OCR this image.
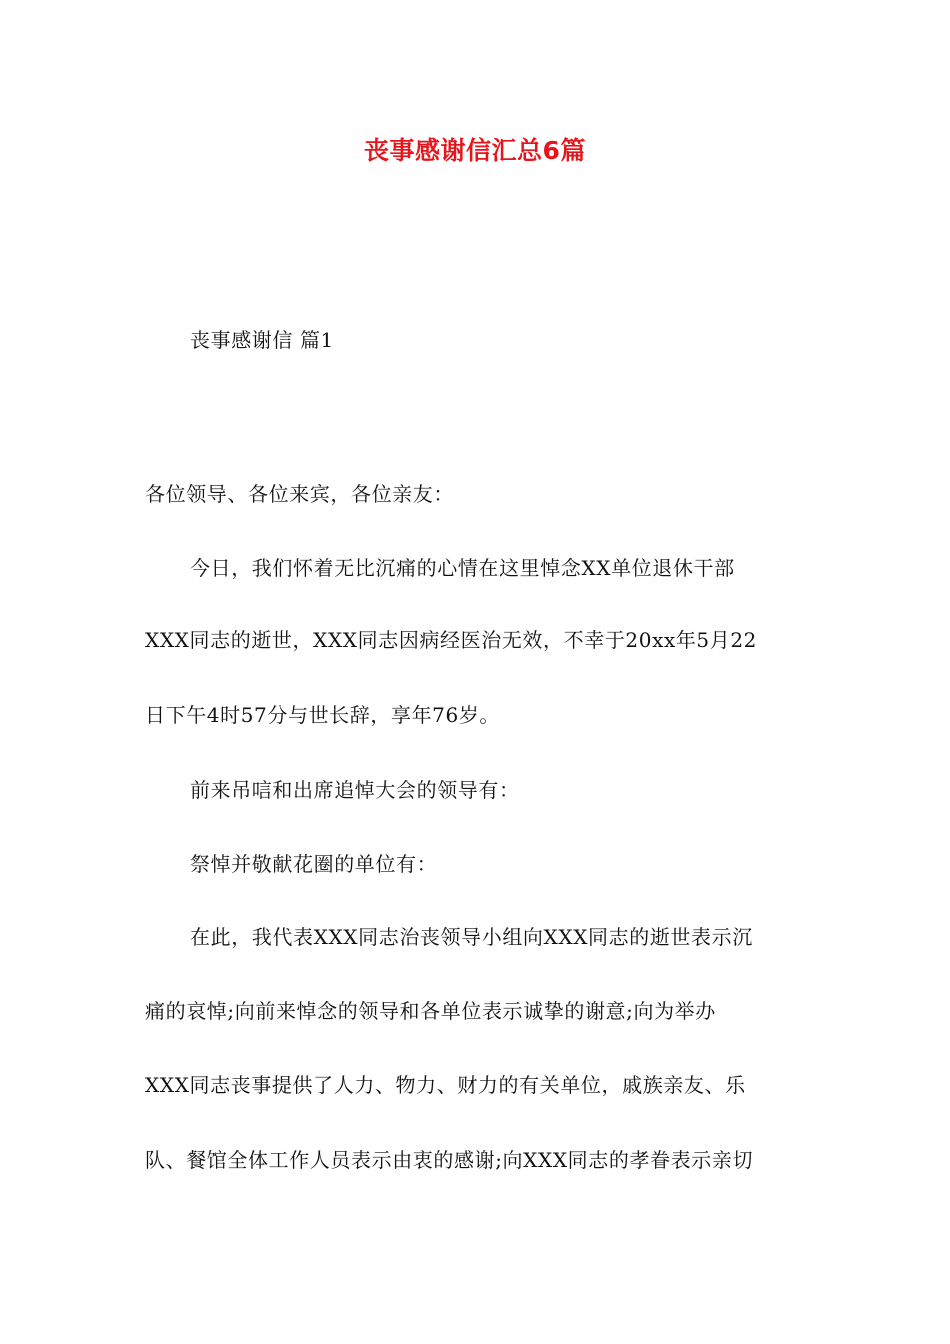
丧事感谢信汇总6篇
丧事感谢信 篇1
各位领导、各位来宾，各位亲友：
今日，我们怀着无比沉痛的心情在这里悼念XX单位退休干部
XXX同志的逝世，XXX同志因病经医治无效，不幸于20xx年5月22
日下午4时57分与世长辞，享年76岁。
前来吊唁和出席追悼大会的领导有：
祭悼并敬献花圈的单位有：
在此，我代表XXX同志治丧领导小组向XXX同志的逝世表示沉
痛的哀悼;向前来悼念的领导和各单位表示诚挚的谢意;向为举办
XXX同志丧事提供了人力、物力、财力的有关单位，戚族亲友、乐
队、餐馆全体工作人员表示由衷的感谢;向XXX同志的孝眷表示亲切
